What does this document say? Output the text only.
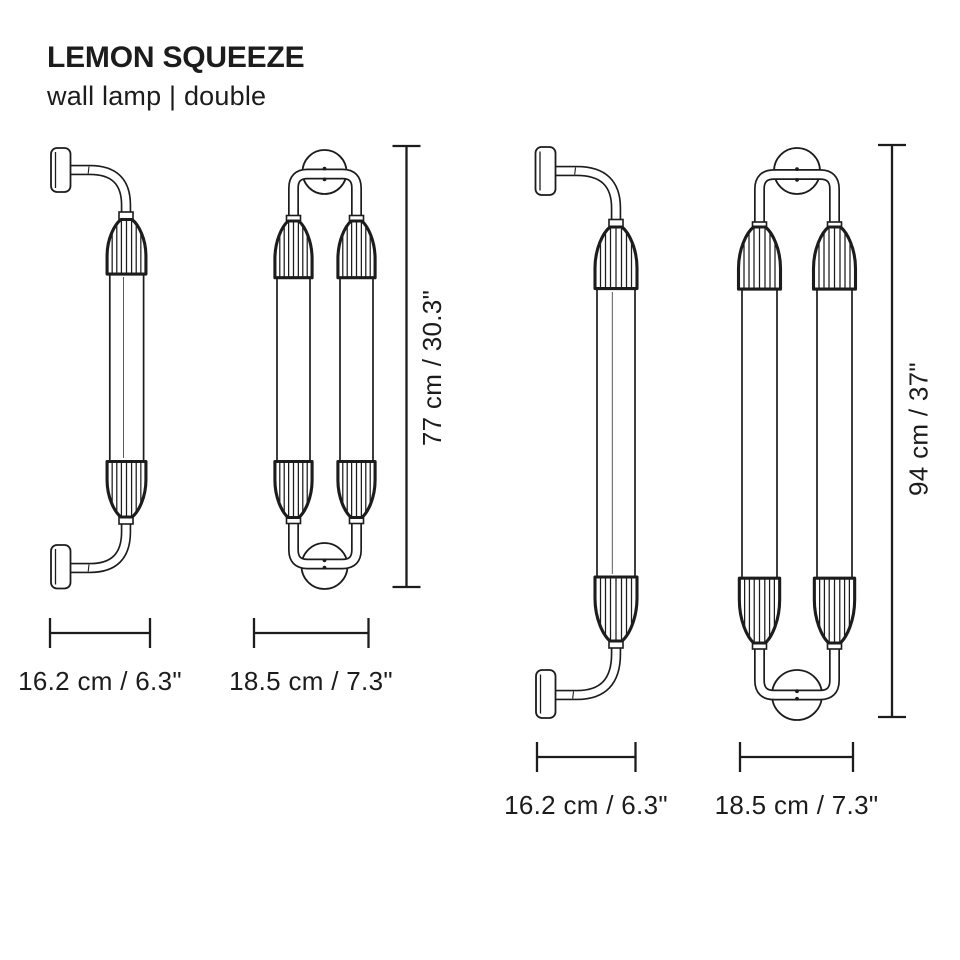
LEMON SQUEEZE

wall lamp | double

77 cm / 30.3"	94 cm / 37"
16.2 cm / 6.3" 18.5 cm / 7.3"
16.2 cm / 6.3" 18.5 cm / 7.3"
